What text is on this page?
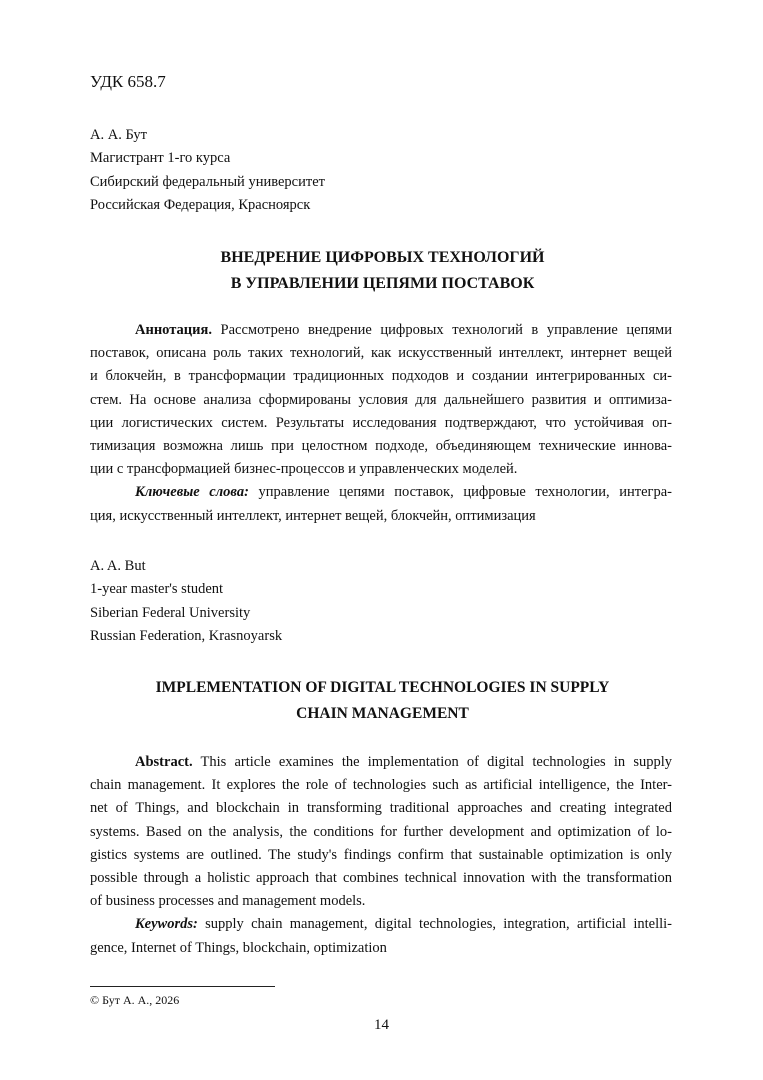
УДК 658.7
А. А. Бут
Магистрант 1-го курса
Сибирский федеральный университет
Российская Федерация, Красноярск
ВНЕДРЕНИЕ ЦИФРОВЫХ ТЕХНОЛОГИЙ
В УПРАВЛЕНИИ ЦЕПЯМИ ПОСТАВОК
Аннотация. Рассмотрено внедрение цифровых технологий в управление цепями
поставок, описана роль таких технологий, как искусственный интеллект, интернет вещей
и блокчейн, в трансформации традиционных подходов и создании интегрированных си-
стем. На основе анализа сформированы условия для дальнейшего развития и оптимиза-
ции логистических систем. Результаты исследования подтверждают, что устойчивая оп-
тимизация возможна лишь при целостном подходе, объединяющем технические иннова-
ции с трансформацией бизнес-процессов и управленческих моделей.
Ключевые слова: управление цепями поставок, цифровые технологии, интегра-
ция, искусственный интеллект, интернет вещей, блокчейн, оптимизация
A. A. But
1-year master's student
Siberian Federal University
Russian Federation, Krasnoyarsk
IMPLEMENTATION OF DIGITAL TECHNOLOGIES IN SUPPLY
CHAIN MANAGEMENT
Abstract. This article examines the implementation of digital technologies in supply
chain management. It explores the role of technologies such as artificial intelligence, the Inter-
net of Things, and blockchain in transforming traditional approaches and creating integrated
systems. Based on the analysis, the conditions for further development and optimization of lo-
gistics systems are outlined. The study's findings confirm that sustainable optimization is only
possible through a holistic approach that combines technical innovation with the transformation
of business processes and management models.
Keywords: supply chain management, digital technologies, integration, artificial intelli-
gence, Internet of Things, blockchain, optimization
© Бут А. А., 2026
14
